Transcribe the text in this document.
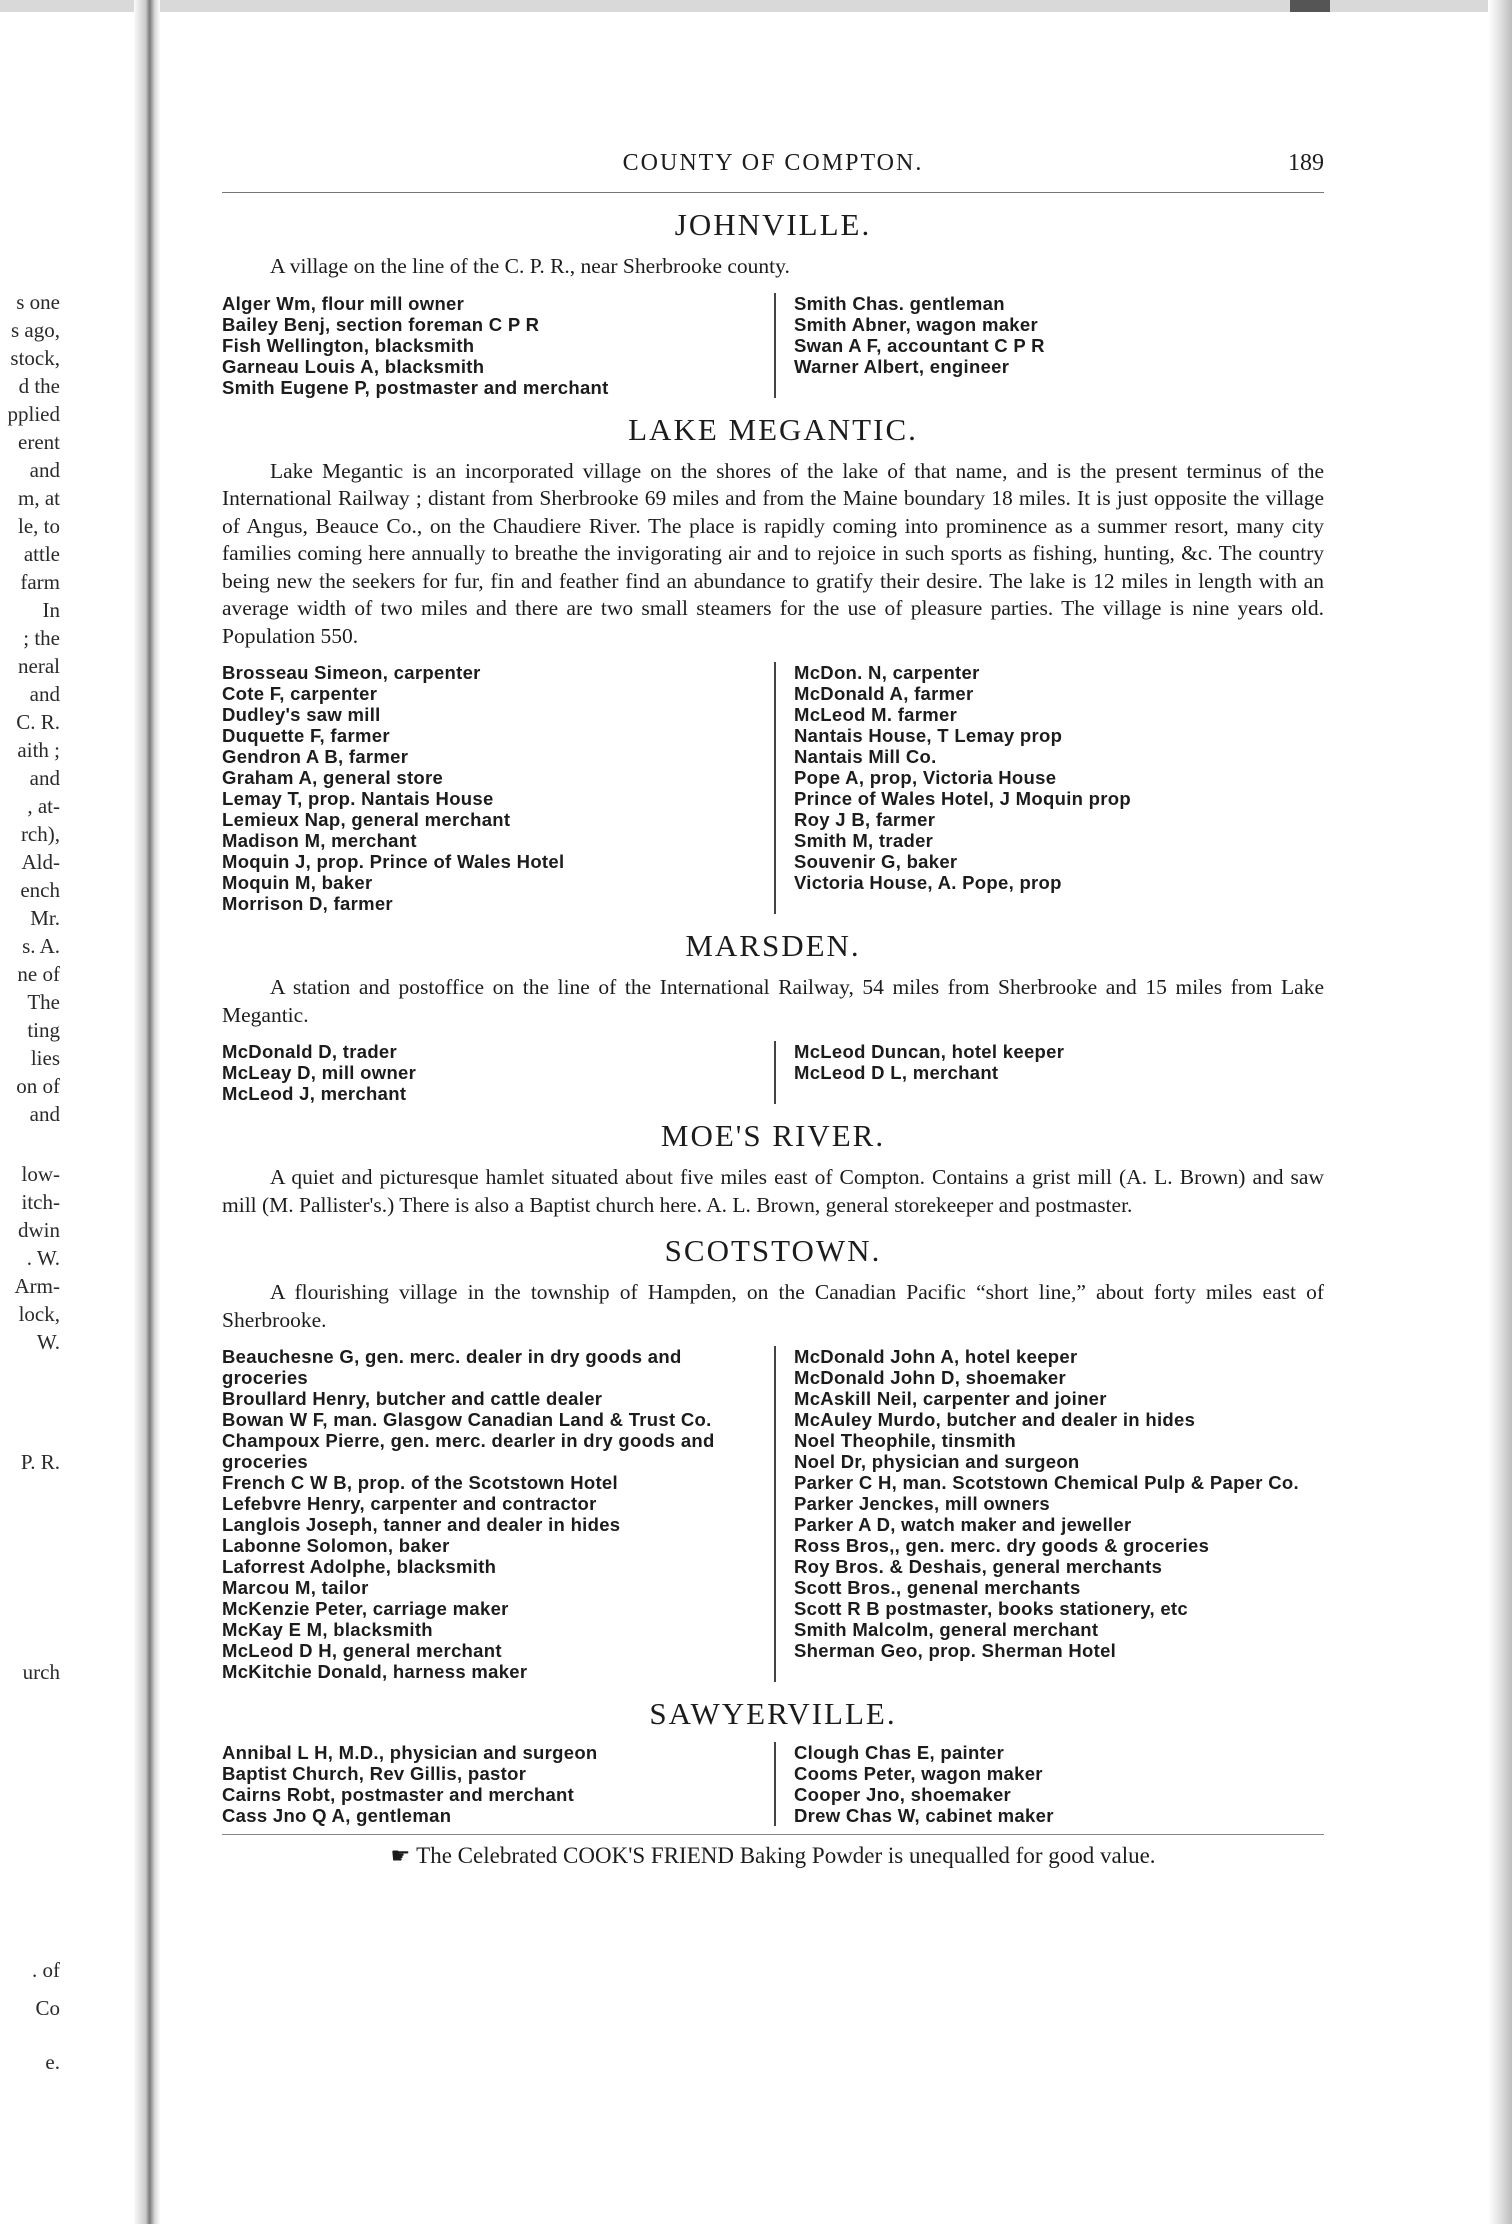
s one
s ago,
stock,
d the
pplied
erent
and
m, at
le, to
attle
farm
In
; the
neral
and
C. R.
aith ;
and
, at-
rch),
Ald-
ench
Mr.
s. A.
ne of
The
ting
lies
on of
and
low-
itch-
dwin
. W.
Arm-
lock,
W.
P. R.
urch
. of
Co
e.
COUNTY OF COMPTON.	189
JOHNVILLE.

A village on the line of the C. P. R., near Sherbrooke county.

Alger Wm, flour mill owner
Bailey Benj, section foreman C P R
Fish Wellington, blacksmith
Garneau Louis A, blacksmith
Smith Eugene P, postmaster and merchant
Smith Chas. gentleman
Smith Abner, wagon maker
Swan A F, accountant C P R
Warner Albert, engineer
LAKE MEGANTIC.

Lake Megantic is an incorporated village on the shores of the lake of that name, and is the present terminus of the International Railway ; distant from Sherbrooke 69 miles and from the Maine boundary 18 miles. It is just opposite the village of Angus, Beauce Co., on the Chaudiere River. The place is rapidly coming into prominence as a summer resort, many city families coming here annually to breathe the invigorating air and to rejoice in such sports as fishing, hunting, &c. The country being new the seekers for fur, fin and feather find an abundance to gratify their desire. The lake is 12 miles in length with an average width of two miles and there are two small steamers for the use of pleasure parties. The village is nine years old. Population 550.

Brosseau Simeon, carpenter
Cote F, carpenter
Dudley's saw mill
Duquette F, farmer
Gendron A B, farmer
Graham A, general store
Lemay T, prop. Nantais House
Lemieux Nap, general merchant
Madison M, merchant
Moquin J, prop. Prince of Wales Hotel
Moquin M, baker
Morrison D, farmer
McDon. N, carpenter
McDonald A, farmer
McLeod M. farmer
Nantais House, T Lemay prop
Nantais Mill Co.
Pope A, prop, Victoria House
Prince of Wales Hotel, J Moquin prop
Roy J B, farmer
Smith M, trader
Souvenir G, baker
Victoria House, A. Pope, prop
MARSDEN.

A station and postoffice on the line of the International Railway, 54 miles from Sherbrooke and 15 miles from Lake Megantic.

McDonald D, trader
McLeay D, mill owner
McLeod J, merchant
McLeod Duncan, hotel keeper
McLeod D L, merchant
MOE'S RIVER.

A quiet and picturesque hamlet situated about five miles east of Compton. Contains a grist mill (A. L. Brown) and saw mill (M. Pallister's.) There is also a Baptist church here. A. L. Brown, general storekeeper and postmaster.

SCOTSTOWN.

A flourishing village in the township of Hampden, on the Canadian Pacific “short line,” about forty miles east of Sherbrooke.

Beauchesne G, gen. merc. dealer in dry goods and groceries
Broullard Henry, butcher and cattle dealer
Bowan W F, man. Glasgow Canadian Land & Trust Co.
Champoux Pierre, gen. merc. dearler in dry goods and groceries
French C W B, prop. of the Scotstown Hotel
Lefebvre Henry, carpenter and contractor
Langlois Joseph, tanner and dealer in hides
Labonne Solomon, baker
Laforrest Adolphe, blacksmith
Marcou M, tailor
McKenzie Peter, carriage maker
McKay E M, blacksmith
McLeod D H, general merchant
McKitchie Donald, harness maker
McDonald John A, hotel keeper
McDonald John D, shoemaker
McAskill Neil, carpenter and joiner
McAuley Murdo, butcher and dealer in hides
Noel Theophile, tinsmith
Noel Dr, physician and surgeon
Parker C H, man. Scotstown Chemical Pulp & Paper Co.
Parker Jenckes, mill owners
Parker A D, watch maker and jeweller
Ross Bros,, gen. merc. dry goods & groceries
Roy Bros. & Deshais, general merchants
Scott Bros., genenal merchants
Scott R B postmaster, books stationery, etc
Smith Malcolm, general merchant
Sherman Geo, prop. Sherman Hotel
SAWYERVILLE.
Annibal L H, M.D., physician and surgeon
Baptist Church, Rev Gillis, pastor
Cairns Robt, postmaster and merchant
Cass Jno Q A, gentleman
Clough Chas E, painter
Cooms Peter, wagon maker
Cooper Jno, shoemaker
Drew Chas W, cabinet maker
☛ The Celebrated COOK'S FRIEND Baking Powder is unequalled for good value.
